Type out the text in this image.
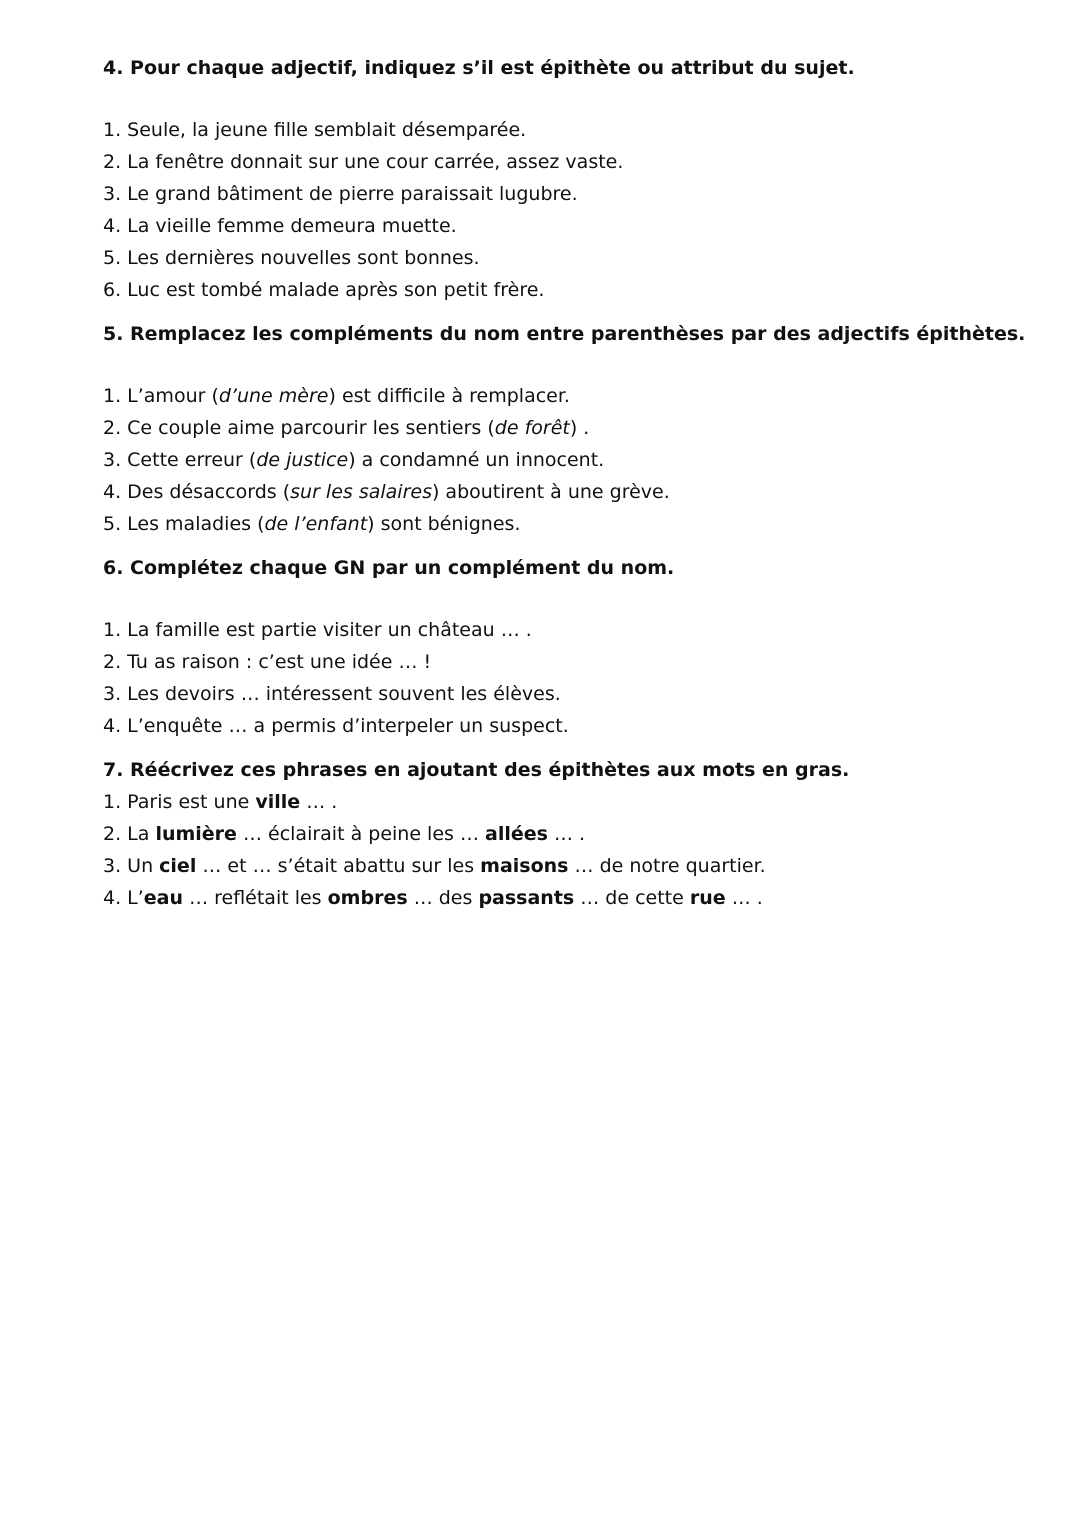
4. Pour chaque adjectif, indiquez s’il est épithète ou attribut du sujet.

1. Seule, la jeune fille semblait désemparée.

2. La fenêtre donnait sur une cour carrée, assez vaste.

3. Le grand bâtiment de pierre paraissait lugubre.

4. La vieille femme demeura muette.

5. Les dernières nouvelles sont bonnes.

6. Luc est tombé malade après son petit frère.

5. Remplacez les compléments du nom entre parenthèses par des adjectifs épithètes.

1. L’amour (d’une mère) est difficile à remplacer.

2. Ce couple aime parcourir les sentiers (de forêt) .

3. Cette erreur (de justice) a condamné un innocent.

4. Des désaccords (sur les salaires) aboutirent à une grève.

5. Les maladies (de l’enfant) sont bénignes.

6. Complétez chaque GN par un complément du nom.

1. La famille est partie visiter un château … .

2. Tu as raison : c’est une idée … !

3. Les devoirs … intéressent souvent les élèves.

4. L’enquête … a permis d’interpeler un suspect.

7. Réécrivez ces phrases en ajoutant des épithètes aux mots en gras.

1. Paris est une ville … .

2. La lumière … éclairait à peine les … allées … .

3. Un ciel … et … s’était abattu sur les maisons … de notre quartier.

4. L’eau … reflétait les ombres … des passants … de cette rue … .
